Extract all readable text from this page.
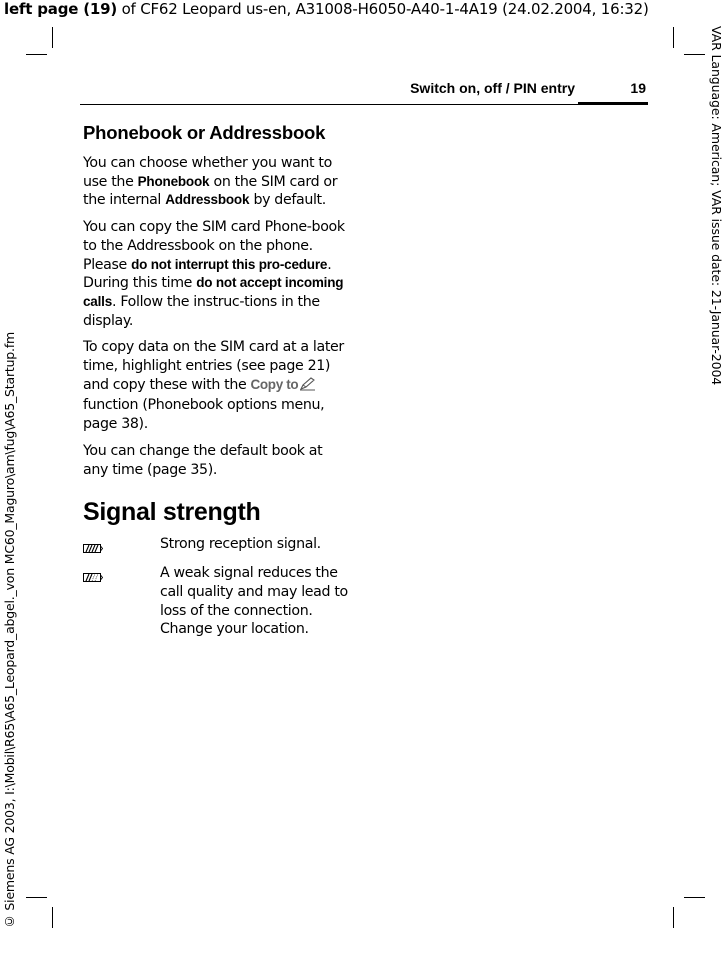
left page (19) of CF62 Leopard us-en, A31008-H6050-A40-1-4A19 (24.02.2004, 16:32)
VAR Language: American; VAR issue date: 21-Januar-2004
© Siemens AG 2003, I:\Mobil\R65\A65_Leopard_abgel._von MC60_Maguro\am\fug\A65_Startup.fm
Switch on, off / PIN entry	19
Phonebook or Addressbook

You can choose whether you want to use the Phonebook on the SIM card or the internal Addressbook by default.

You can copy the SIM card Phone-book to the Addressbook on the phone. Please do not interrupt this pro-cedure. During this time do not accept incoming calls. Follow the instruc-tions in the display.

To copy data on the SIM card at a later time, highlight entries (see page 21) and copy these with the Copy to function (Phonebook options menu, page 38).

You can change the default book at any time (page 35).

Signal strength

Strong reception signal.

A weak signal reduces the call quality and may lead to loss of the connection. Change your location.
